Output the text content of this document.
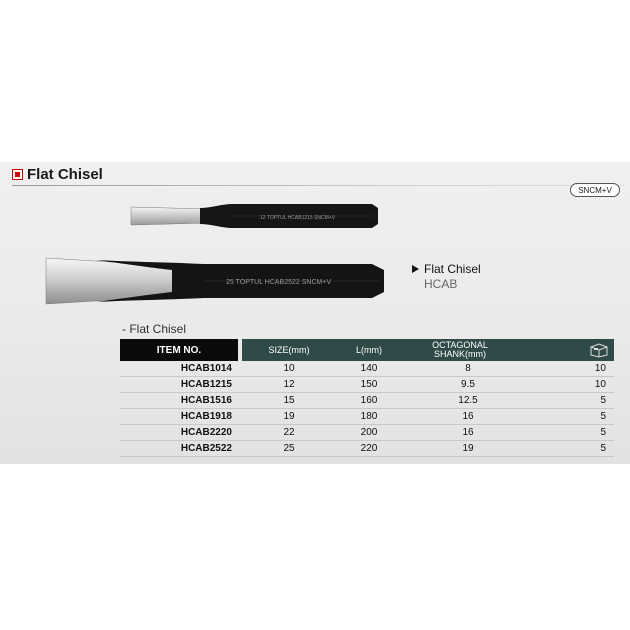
Flat Chisel
SNCM+V
12 TOPTUL HCAB1215 SNCM+V
25 TOPTUL HCAB2522 SNCM+V
Flat Chisel
HCAB
- Flat Chisel
ITEM NO.	SIZE(mm)	L(mm)	OCTAGONAL
SHANK(mm)
HCAB1014	10	140	8	10
HCAB1215	12	150	9.5	10
HCAB1516	15	160	12.5	5
HCAB1918	19	180	16	5
HCAB2220	22	200	16	5
HCAB2522	25	220	19	5
